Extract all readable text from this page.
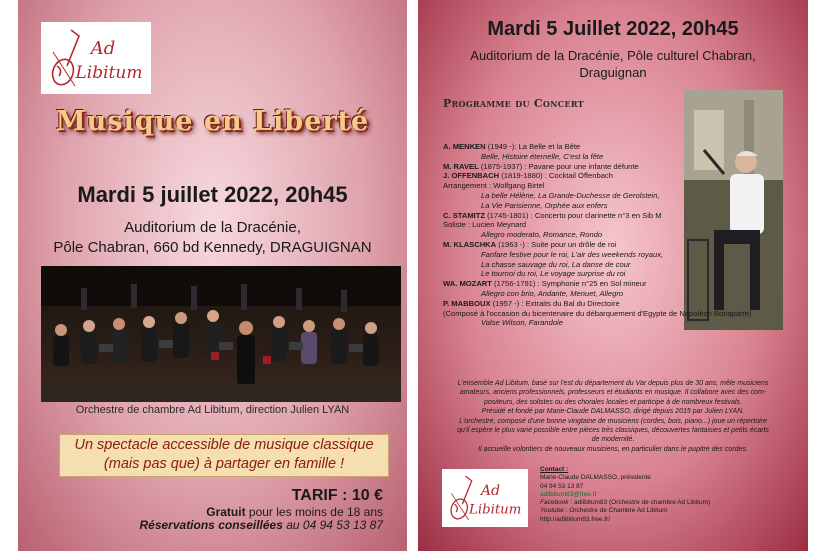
Ad
Libitum
Musique en Liberté
Mardi 5 juillet 2022, 20h45
Auditorium de la Dracénie,
Pôle Chabran, 660 bd Kennedy, DRAGUIGNAN
Orchestre de chambre Ad Libitum, direction Julien LYAN
Un spectacle accessible de musique classique
(mais pas que) à partager en famille !
TARIF : 10 €
Gratuit pour les moins de 18 ans
Réservations conseillées au 04 94 53 13 87
Mardi 5 Juillet 2022, 20h45
Auditorium de la Dracénie, Pôle culturel Chabran,
Draguignan
Programme du Concert
A. MENKEN (1949 -): La Belle et la Bête
Belle, Histoire éternelle, C'est la fête
M. RAVEL (1875-1937) : Pavane pour une infante défunte
J. OFFENBACH (1819-1880) : Cocktail Offenbach
Arrangement : Wolfgang Birtel
La belle Hélène, La Grande-Duchesse de Gerolstein,
La Vie Parisienne, Orphée aux enfers
C. STAMITZ (1745-1801) : Concerto pour clarinette n°3 en Sib M
Soliste : Lucien Meynard
Allegro moderato, Romance, Rondo
M. KLASCHKA (1963 -) : Suite pour un drôle de roi
Fanfare festive pour le roi, L'air des weekends royaux,
La chasse sauvage du roi, La danse de cour
Le tournoi du roi, Le voyage surprise du roi
WA. MOZART (1756-1791) : Symphonie n°25 en Sol mineur
Allegro con brio, Andante, Menuet, Allegro
P. MABBOUX (1957 -) : Extraits du Bal du Directoire
(Composé à l'occasion du bicentenaire du débarquement d'Egypte de Napoléon Bonaparte)
Valse Wilson, Farandole
L'ensemble Ad Libitum, basé sur l'est du département du Var depuis plus de 30 ans, mêle musiciens
amateurs, anciens professionnels, professeurs et étudiants en musique. Il collabore avec des com-
positeurs, des solistes ou des chorales locales et participe à de nombreux festivals.
Présidé et fondé par Marie-Claude DALMASSO, dirigé depuis 2015 par Julien LYAN.
L'orchestre, composé d'une bonne vingtaine de musiciens (cordes, bois, piano...) joue un répertoire
qu'il espère le plus varié possible entre pièces très classiques, découvertes fantaisies et petits écarts
de modernité.
Il accueille volontiers de nouveaux musiciens, en particulier dans le pupitre des cordes.
Ad
Libitum
Contact :
Marie-Claude DALMASSO, présidente
04 94 53 13 87
adlibitum83@free.fr
Facebook : adlibitum83 (Orchestre de chambre Ad Libitum)
Youtube : Orchestre de Chambre Ad Libitum
http://adlibitum83.free.fr/
